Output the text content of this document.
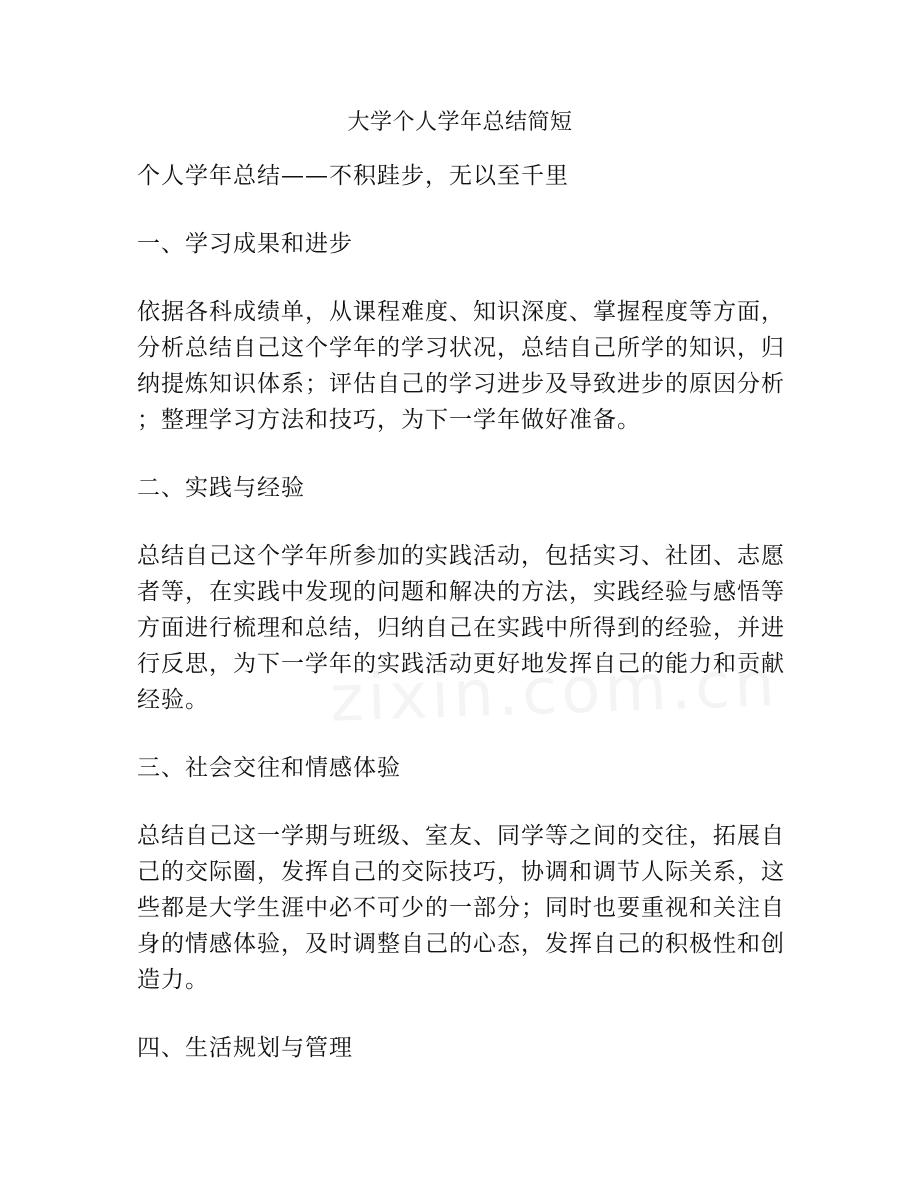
大学个人学年总结简短
个人学年总结——不积跬步，无以至千里
一、学习成果和进步
依据各科成绩单，从课程难度、知识深度、掌握程度等方面，
分析总结自己这个学年的学习状况，总结自己所学的知识，归
纳提炼知识体系；评估自己的学习进步及导致进步的原因分析
；整理学习方法和技巧，为下一学年做好准备。
二、实践与经验
总结自己这个学年所参加的实践活动，包括实习、社团、志愿
者等，在实践中发现的问题和解决的方法，实践经验与感悟等
方面进行梳理和总结，归纳自己在实践中所得到的经验，并进
行反思，为下一学年的实践活动更好地发挥自己的能力和贡献
经验。
三、社会交往和情感体验
总结自己这一学期与班级、室友、同学等之间的交往，拓展自
己的交际圈，发挥自己的交际技巧，协调和调节人际关系，这
些都是大学生涯中必不可少的一部分；同时也要重视和关注自
身的情感体验，及时调整自己的心态，发挥自己的积极性和创
造力。
四、生活规划与管理
